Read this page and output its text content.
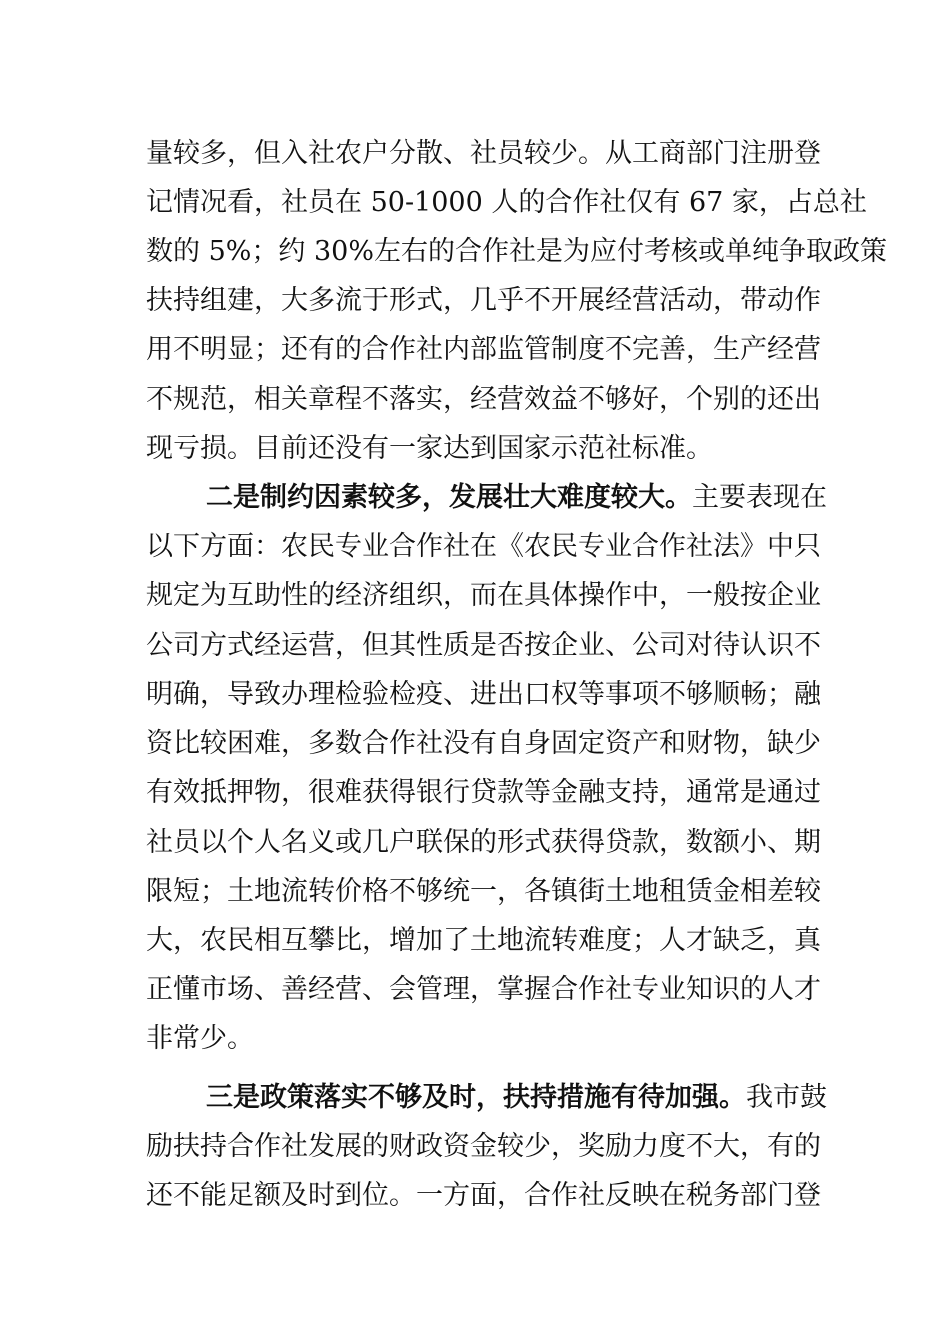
量较多，但入社农户分散、社员较少。从工商部门注册登
记情况看，社员在 50-1000 人的合作社仅有 67 家，占总社
数的 5%；约 30%左右的合作社是为应付考核或单纯争取政策
扶持组建，大多流于形式，几乎不开展经营活动，带动作
用不明显；还有的合作社内部监管制度不完善，生产经营
不规范，相关章程不落实，经营效益不够好，个别的还出
现亏损。目前还没有一家达到国家示范社标准。
二是制约因素较多，发展壮大难度较大。主要表现在
以下方面：农民专业合作社在《农民专业合作社法》中只
规定为互助性的经济组织，而在具体操作中，一般按企业
公司方式经运营，但其性质是否按企业、公司对待认识不
明确，导致办理检验检疫、进出口权等事项不够顺畅；融
资比较困难，多数合作社没有自身固定资产和财物，缺少
有效抵押物，很难获得银行贷款等金融支持，通常是通过
社员以个人名义或几户联保的形式获得贷款，数额小、期
限短；土地流转价格不够统一，各镇街土地租赁金相差较
大，农民相互攀比，增加了土地流转难度；人才缺乏，真
正懂市场、善经营、会管理，掌握合作社专业知识的人才
非常少。
三是政策落实不够及时，扶持措施有待加强。我市鼓
励扶持合作社发展的财政资金较少，奖励力度不大，有的
还不能足额及时到位。一方面，合作社反映在税务部门登
